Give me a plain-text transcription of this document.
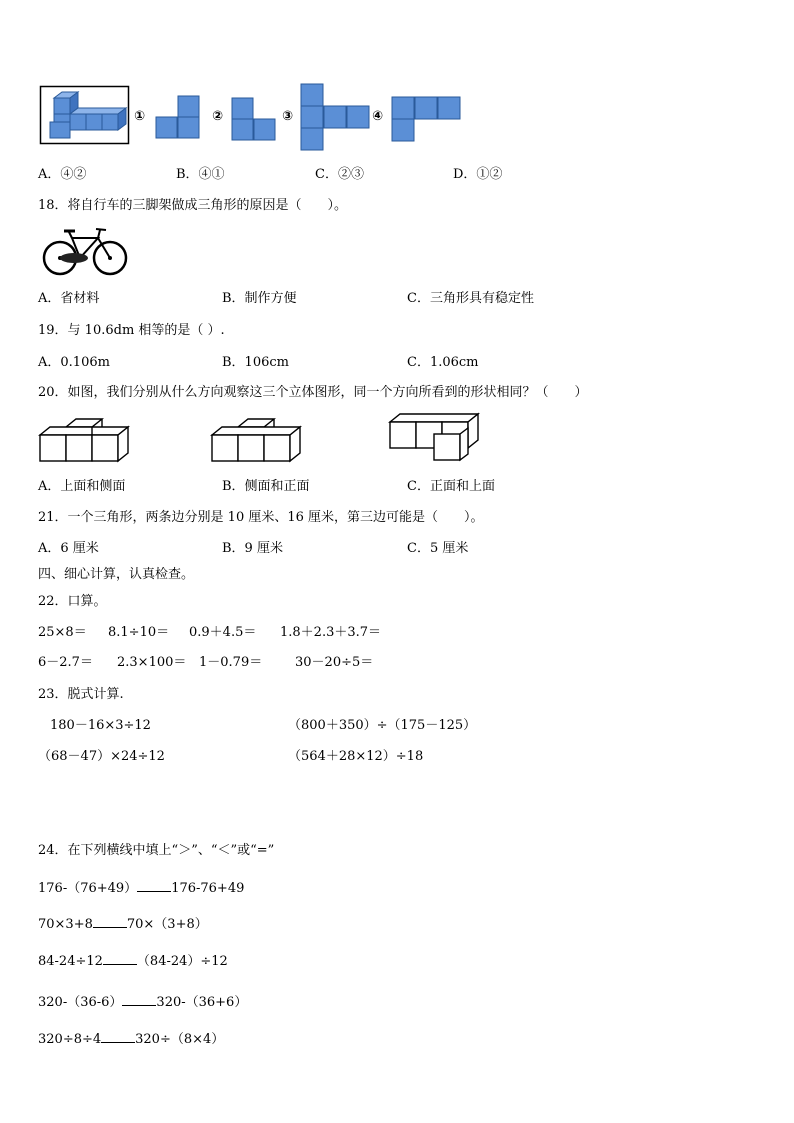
①	②	③	④
A．④②	B．④①	C．②③	D．①②
18．将自行车的三脚架做成三角形的原因是（　　）。
A．省材料	B．制作方便	C．三角形具有稳定性
19．与 10.6dm 相等的是（ ）.
A．0.106m	B．106cm	C．1.06cm
20．如图，我们分别从什么方向观察这三个立体图形，同一个方向所看到的形状相同？（　　）
A．上面和侧面	B．侧面和正面	C．正面和上面
21．一个三角形，两条边分别是 10 厘米、16 厘米，第三边可能是（　　）。
A．6 厘米	B．9 厘米	C．5 厘米
四、细心计算，认真检查。
22．口算。
25×8＝ 8.1÷10＝ 0.9＋4.5＝ 1.8＋2.3＋3.7＝
6－2.7＝ 2.3×100＝ 1－0.79＝	30－20÷5＝
23．脱式计算.
180－16×3÷12	（800＋350）÷（175－125）
（68－47）×24÷12	（564＋28×12）÷18
24．在下列横线中填上“＞”、“＜”或“=”
176-（76+49）	176-76+49
70×3+8	70×（3+8）
84-24÷12	（84-24）÷12
320-（36-6）	320-（36+6）
320÷8÷4	320÷（8×4）
